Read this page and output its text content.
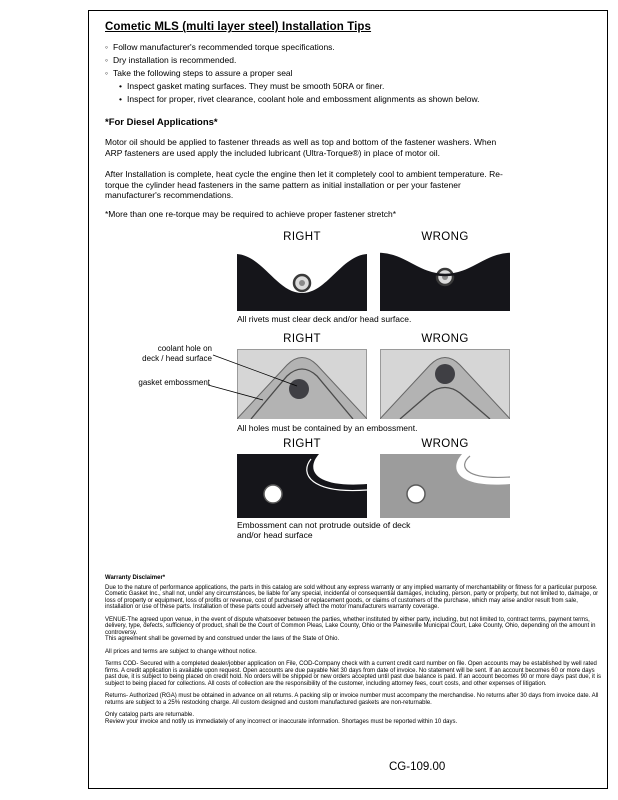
Cometic MLS (multi layer steel) Installation Tips
◦ Follow manufacturer's recommended torque specifications.
◦ Dry installation is recommended.
◦ Take the following steps to assure a proper seal
• Inspect gasket mating surfaces. They must be smooth 50RA or finer.
• Inspect for proper, rivet clearance, coolant hole and embossment alignments as shown below.
*For Diesel Applications*
Motor oil should be applied to fastener threads as well as top and bottom of the fastener washers. When ARP fasteners are used apply the included lubricant (Ultra-Torque®) in place of motor oil.
After Installation is complete, heat cycle the engine then let it completely cool to ambient temperature. Re-torque the cylinder head fasteners in the same pattern as initial installation or per your fastener manufacturer's recommendations.
*More than one re-torque may be required to achieve proper fastener stretch*
RIGHT	WRONG
All rivets must clear deck and/or head surface.
RIGHT	WRONG
coolant hole on
deck / head surface
gasket embossment
All holes must be contained by an embossment.
RIGHT	WRONG
Embossment can not protrude outside of deck and/or head surface
Warranty Disclaimer*

Due to the nature of performance applications, the parts in this catalog are sold without any express warranty or any implied warranty of merchantability or fitness for a particular purpose. Cometic Gasket Inc., shall not, under any circumstances, be liable for any special, incidental or consequential damages, including, person, party or property, but not limited to, damage, or loss of property or equipment, loss of profits or revenue, cost of purchased or replacement goods, or claims of customers of the purchase, which may arise and/or result from sale, installation or use of these parts. Installation of these parts could adversely affect the motor manufacturers warranty coverage.

VENUE-The agreed upon venue, in the event of dispute whatsoever between the parties, whether instituted by either party, including, but not limited to, contract terms, payment terms, delivery, type, defects, sufficiency of product, shall be the Court of Common Pleas, Lake County, Ohio or the Painesville Municipal Court, Lake County, Ohio, depending on the amount in controversy.

This agreement shall be governed by and construed under the laws of the State of Ohio.

All prices and terms are subject to change without notice.

Terms COD- Secured with a completed dealer/jobber application on File, COD-Company check with a current credit card number on file. Open accounts may be established by well rated firms. A credit application is available upon request. Open accounts are due payable Net 30 days from date of invoice. No statement will be sent. If an account becomes 60 or more days past due, it is subject to being placed on credit hold. No orders will be shipped or new orders accepted until past due balance is paid. If an account becomes 90 or more days past due, it is subject to being placed for collections. All costs of collection are the responsibility of the customer, including attorney fees, court costs, and other expenses of litigation.

Returns- Authorized (RGA) must be obtained in advance on all returns. A packing slip or invoice number must accompany the merchandise. No returns after 30 days from invoice date. All returns are subject to a 25% restocking charge. All custom designed and custom manufactured gaskets are non-returnable.

Only catalog parts are returnable.

Review your invoice and notify us immediately of any incorrect or inaccurate information. Shortages must be reported within 10 days.

CG-109.00
